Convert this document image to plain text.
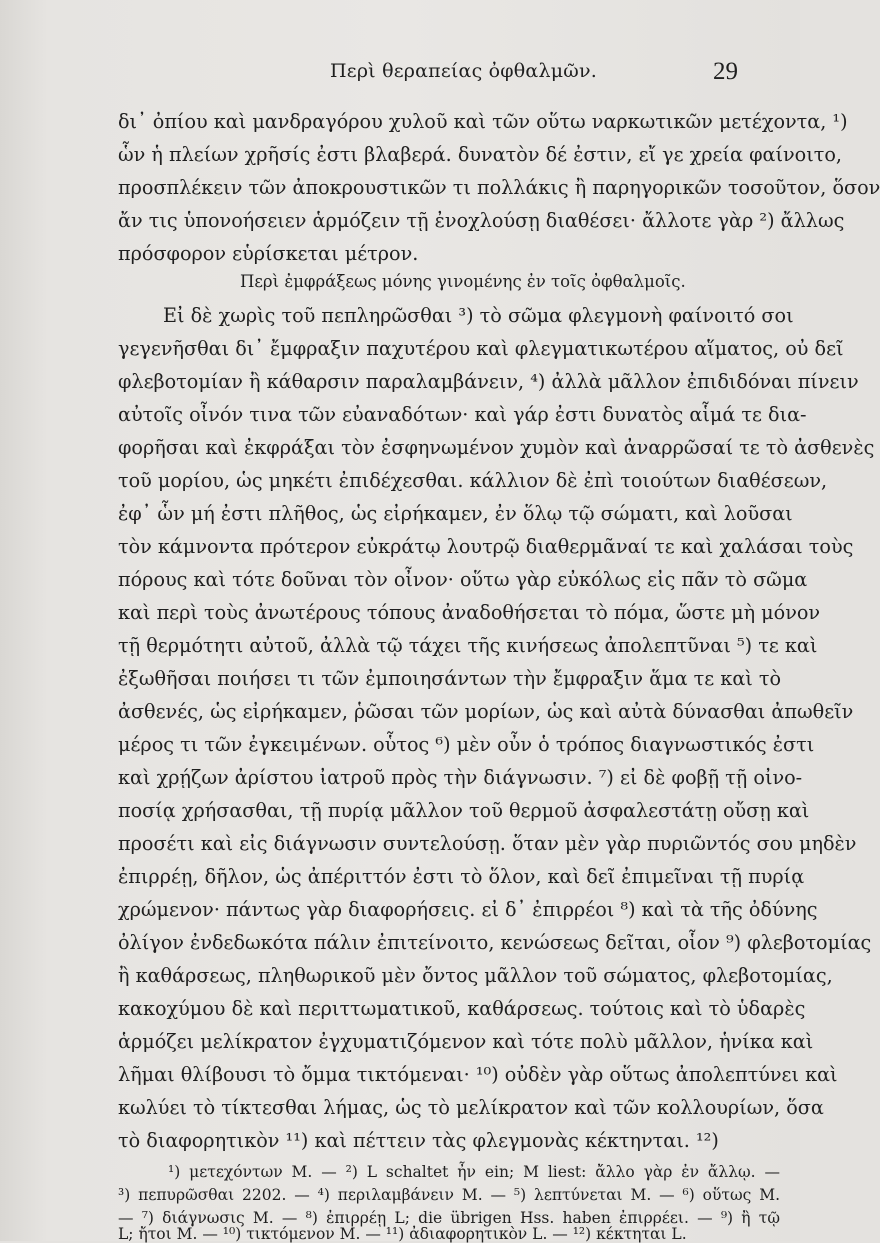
Περὶ θεραπείας ὀφθαλμῶν.	29
δι᾽ ὀπίου καὶ μανδραγόρου χυλοῦ καὶ τῶν οὕτω ναρκωτικῶν μετέχοντα, ¹)
ὧν ἡ πλείων χρῆσίς ἐστι βλαβερά. δυνατὸν δέ ἐστιν, εἴ γε χρεία φαίνοιτο,
προσπλέκειν τῶν ἀποκρουστικῶν τι πολλάκις ἢ παρηγορικῶν τοσοῦτον, ὅσον
ἄν τις ὑπονοήσειεν ἁρμόζειν τῇ ἐνοχλούσῃ διαθέσει· ἄλλοτε γὰρ ²) ἄλλως
πρόσφορον εὑρίσκεται μέτρον.
Περὶ ἐμφράξεως μόνης γινομένης ἐν τοῖς ὀφθαλμοῖς.
Εἰ δὲ χωρὶς τοῦ πεπληρῶσθαι ³) τὸ σῶμα φλεγμονὴ φαίνοιτό σοι
γεγενῆσθαι δι᾽ ἔμφραξιν παχυτέρου καὶ φλεγματικωτέρου αἵματος, οὐ δεῖ
φλεβοτομίαν ἢ κάθαρσιν παραλαμβάνειν, ⁴) ἀλλὰ μᾶλλον ἐπιδιδόναι πίνειν
αὐτοῖς οἶνόν τινα τῶν εὐαναδότων· καὶ γάρ ἐστι δυνατὸς αἷμά τε δια-
φορῆσαι καὶ ἐκφράξαι τὸν ἐσφηνωμένον χυμὸν καὶ ἀναρρῶσαί τε τὸ ἀσθενὲς
τοῦ μορίου, ὡς μηκέτι ἐπιδέχεσθαι. κάλλιον δὲ ἐπὶ τοιούτων διαθέσεων,
ἐφ᾽ ὧν μή ἐστι πλῆθος, ὡς εἰρήκαμεν, ἐν ὅλῳ τῷ σώματι, καὶ λοῦσαι
τὸν κάμνοντα πρότερον εὐκράτῳ λουτρῷ διαθερμᾶναί τε καὶ χαλάσαι τοὺς
πόρους καὶ τότε δοῦναι τὸν οἶνον· οὕτω γὰρ εὐκόλως εἰς πᾶν τὸ σῶμα
καὶ περὶ τοὺς ἀνωτέρους τόπους ἀναδοθήσεται τὸ πόμα, ὥστε μὴ μόνον
τῇ θερμότητι αὐτοῦ, ἀλλὰ τῷ τάχει τῆς κινήσεως ἀπολεπτῦναι ⁵) τε καὶ
ἐξωθῆσαι ποιήσει τι τῶν ἐμποιησάντων τὴν ἔμφραξιν ἅμα τε καὶ τὸ
ἀσθενές, ὡς εἰρήκαμεν, ῥῶσαι τῶν μορίων, ὡς καὶ αὐτὰ δύνασθαι ἀπωθεῖν
μέρος τι τῶν ἐγκειμένων. οὗτος ⁶) μὲν οὖν ὁ τρόπος διαγνωστικός ἐστι
καὶ χρῄζων ἀρίστου ἰατροῦ πρὸς τὴν διάγνωσιν. ⁷) εἰ δὲ φοβῇ τῇ οἰνο-
ποσίᾳ χρήσασθαι, τῇ πυρίᾳ μᾶλλον τοῦ θερμοῦ ἀσφαλεστάτῃ οὔσῃ καὶ
προσέτι καὶ εἰς διάγνωσιν συντελούσῃ. ὅταν μὲν γὰρ πυριῶντός σου μηδὲν
ἐπιρρέῃ, δῆλον, ὡς ἀπέριττόν ἐστι τὸ ὅλον, καὶ δεῖ ἐπιμεῖναι τῇ πυρίᾳ
χρώμενον· πάντως γὰρ διαφορήσεις. εἰ δ᾽ ἐπιρρέοι ⁸) καὶ τὰ τῆς ὀδύνης
ὀλίγον ἐνδεδωκότα πάλιν ἐπιτείνοιτο, κενώσεως δεῖται, οἷον ⁹) φλεβοτομίας
ἢ καθάρσεως, πληθωρικοῦ μὲν ὄντος μᾶλλον τοῦ σώματος, φλεβοτομίας,
κακοχύμου δὲ καὶ περιττωματικοῦ, καθάρσεως. τούτοις καὶ τὸ ὑδαρὲς
ἁρμόζει μελίκρατον ἐγχυματιζόμενον καὶ τότε πολὺ μᾶλλον, ἡνίκα καὶ
λῆμαι θλίβουσι τὸ ὄμμα τικτόμεναι· ¹⁰) οὐδὲν γὰρ οὕτως ἀπολεπτύνει καὶ
κωλύει τὸ τίκτεσθαι λήμας, ὡς τὸ μελίκρατον καὶ τῶν κολλουρίων, ὅσα
τὸ διαφορητικὸν ¹¹) καὶ πέττειν τὰς φλεγμονὰς κέκτηνται. ¹²)
¹) μετεχόντων M. — ²) L schaltet ἦν ein; M liest: ἄλλο γὰρ ἐν ἄλλῳ. —
³) πεπυρῶσθαι 2202. — ⁴) περιλαμβάνειν M. — ⁵) λεπτύνεται M. — ⁶) οὕτως M.
— ⁷) διάγνωσις M. — ⁸) ἐπιρρέῃ L; die übrigen Hss. haben ἐπιρρέει. — ⁹) ἢ τῷ
L; ἤτοι M. — ¹⁰) τικτόμενον M. — ¹¹) ἀδιαφορητικὸν L. — ¹²) κέκτηται L.
